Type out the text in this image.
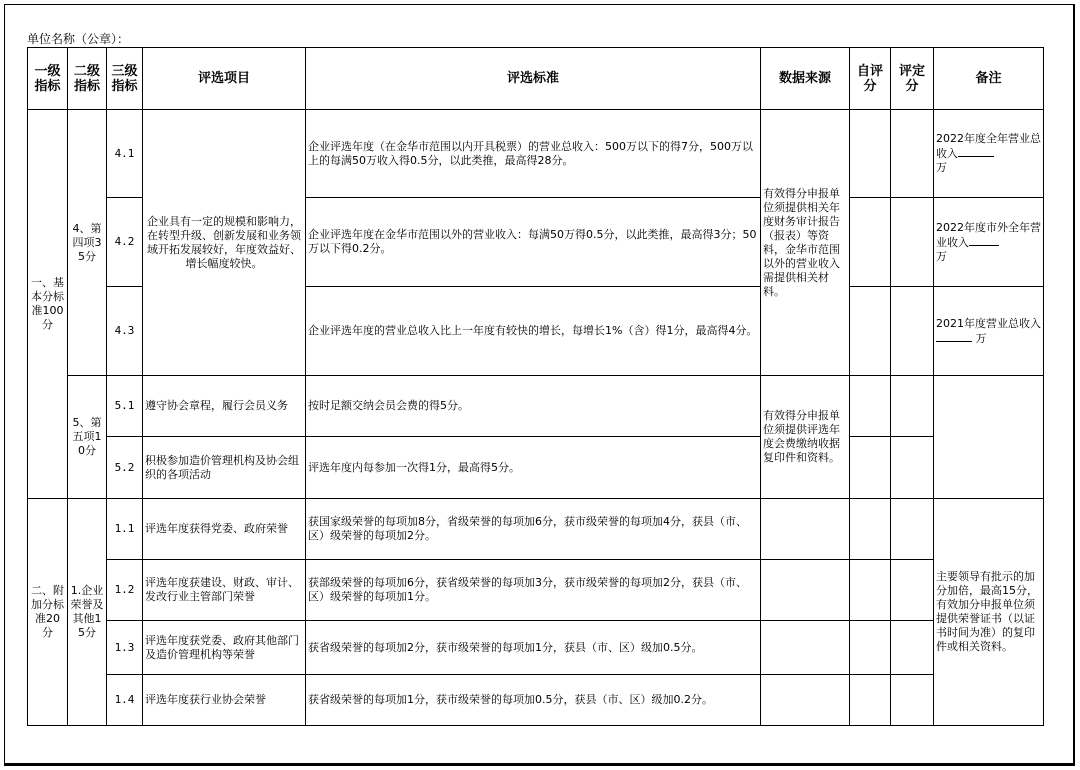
单位名称（公章）：
一级指标	二级指标	三级指标	评选项目	评选标准	数据来源	自评分	评定分	备注
一、基本分标准100分	4、第四项35分	4.1	企业具有一定的规模和影响力，在转型升级、创新发展和业务领域开拓发展较好，年度效益好、增长幅度较快。	企业评选年度（在金华市范围以内开具税票）的营业总收入：500万以下的得7分，500万以上的每满50万收入得0.5分，以此类推，最高得28分。	有效得分申报单位须提供相关年度财务审计报告（报表）等资料，金华市范围以外的营业收入需提供相关材料。			2022年度全年营业总收入
万
		4.2		企业评选年度在金华市范围以外的营业收入：每满50万得0.5分，以此类推，最高得3分；50万以下得0.2分。				2022年度市外全年营业收入
万
		4.3		企业评选年度的营业总收入比上一年度有较快的增长，每增长1%（含）得1分，最高得4分。				2021年度营业总收入 万
	5、第五项10分	5.1	遵守协会章程，履行会员义务	按时足额交纳会员会费的得5分。	有效得分申报单位须提供评选年度会费缴纳收据复印件和资料。			
		5.2	积极参加造价管理机构及协会组织的各项活动	评选年度内每参加一次得1分，最高得5分。				
二、附加分标准20分	1.企业荣誉及其他15分	1.1	评选年度获得党委、政府荣誉	获国家级荣誉的每项加8分，省级荣誉的每项加6分，获市级荣誉的每项加4分，获县（市、区）级荣誉的每项加2分。				主要领导有批示的加分加倍，最高15分，有效加分申报单位须提供荣誉证书（以证书时间为准）的复印件或相关资料。
		1.2	评选年度获建设、财政、审计、发改行业主管部门荣誉	获部级荣誉的每项加6分，获省级荣誉的每项加3分，获市级荣誉的每项加2分，获县（市、区）级荣誉的每项加1分。				
		1.3	评选年度获党委、政府其他部门及造价管理机构等荣誉	获省级荣誉的每项加2分，获市级荣誉的每项加1分，获县（市、区）级加0.5分。				
		1.4	评选年度获行业协会荣誉	获省级荣誉的每项加1分，获市级荣誉的每项加0.5分，获县（市、区）级加0.2分。				
